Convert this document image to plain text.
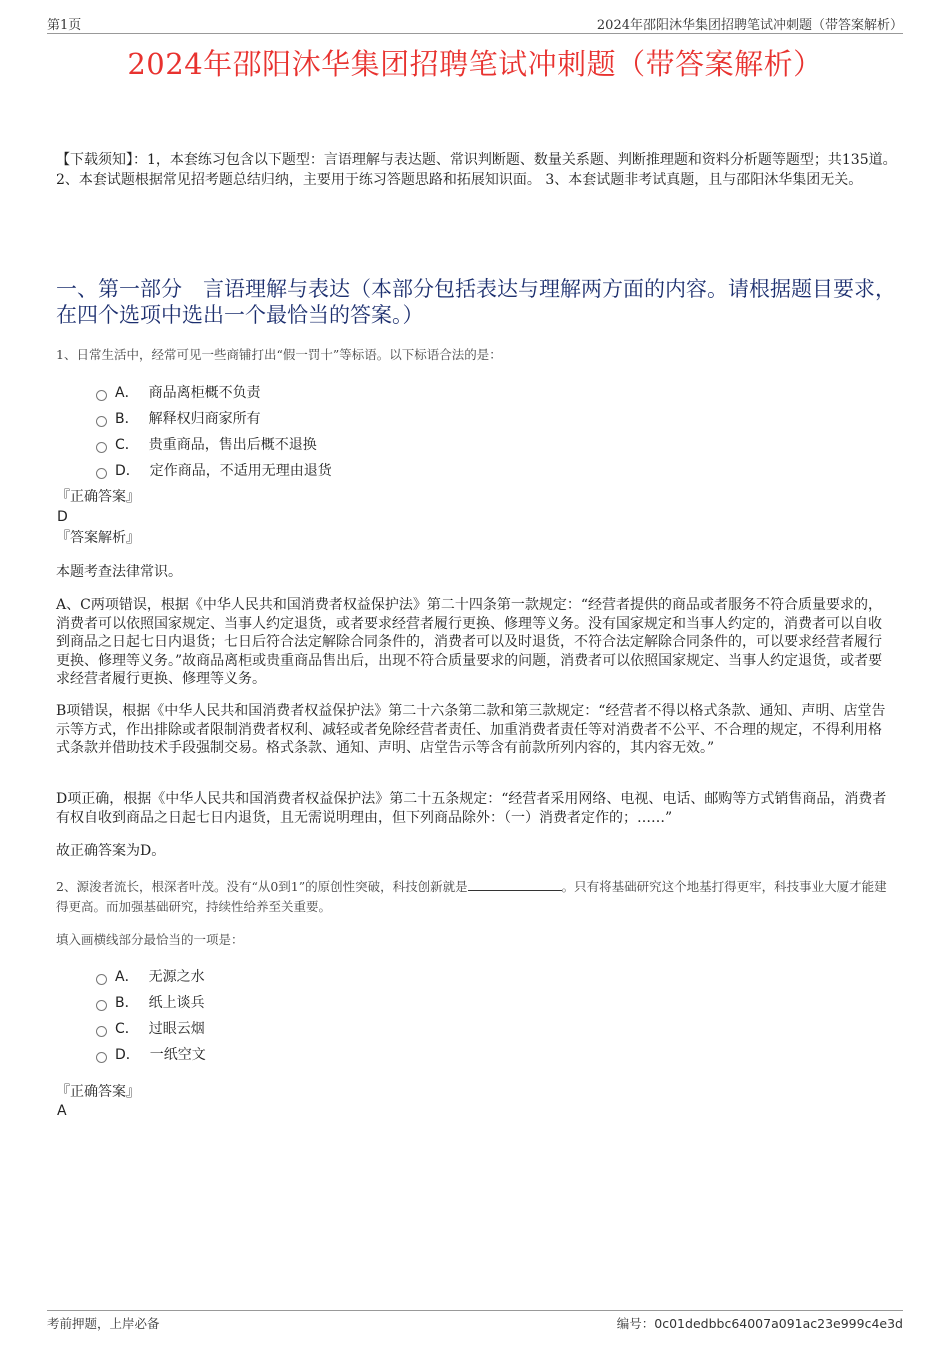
第1页	2024年邵阳沐华集团招聘笔试冲刺题（带答案解析）
2024年邵阳沐华集团招聘笔试冲刺题（带答案解析）
【下载须知】：1，本套练习包含以下题型：言语理解与表达题、常识判断题、数量关系题、判断推理题和资料分析题等题型；共135道。 2、本套试题根据常见招考题总结归纳，主要用于练习答题思路和拓展知识面。 3、本套试题非考试真题，且与邵阳沐华集团无关。
一、第一部分　言语理解与表达（本部分包括表达与理解两方面的内容。请根据题目要求，在四个选项中选出一个最恰当的答案。）
1、日常生活中，经常可见一些商铺打出“假一罚十”等标语。以下标语合法的是：
A． 商品离柜概不负责
B． 解释权归商家所有
C． 贵重商品，售出后概不退换
D． 定作商品，不适用无理由退货
『正确答案』
D
『答案解析』
本题考查法律常识。
A、C两项错误，根据《中华人民共和国消费者权益保护法》第二十四条第一款规定：“经营者提供的商品或者服务不符合质量要求的，消费者可以依照国家规定、当事人约定退货，或者要求经营者履行更换、修理等义务。没有国家规定和当事人约定的，消费者可以自收到商品之日起七日内退货；七日后符合法定解除合同条件的，消费者可以及时退货，不符合法定解除合同条件的，可以要求经营者履行更换、修理等义务。”故商品离柜或贵重商品售出后，出现不符合质量要求的问题，消费者可以依照国家规定、当事人约定退货，或者要求经营者履行更换、修理等义务。
B项错误，根据《中华人民共和国消费者权益保护法》第二十六条第二款和第三款规定：“经营者不得以格式条款、通知、声明、店堂告示等方式，作出排除或者限制消费者权利、减轻或者免除经营者责任、加重消费者责任等对消费者不公平、不合理的规定，不得利用格式条款并借助技术手段强制交易。格式条款、通知、声明、店堂告示等含有前款所列内容的，其内容无效。”
D项正确，根据《中华人民共和国消费者权益保护法》第二十五条规定：“经营者采用网络、电视、电话、邮购等方式销售商品，消费者有权自收到商品之日起七日内退货，且无需说明理由，但下列商品除外：（一）消费者定作的；……”
故正确答案为D。
2、源浚者流长，根深者叶茂。没有“从0到1”的原创性突破，科技创新就是	。只有将基础研究这个地基打得更牢，科技事业大厦才能建得更高。而加强基础研究，持续性给养至关重要。
填入画横线部分最恰当的一项是：
A． 无源之水
B． 纸上谈兵
C． 过眼云烟
D． 一纸空文
『正确答案』
A
考前押题，上岸必备	编号：0c01dedbbc64007a091ac23e999c4e3d
